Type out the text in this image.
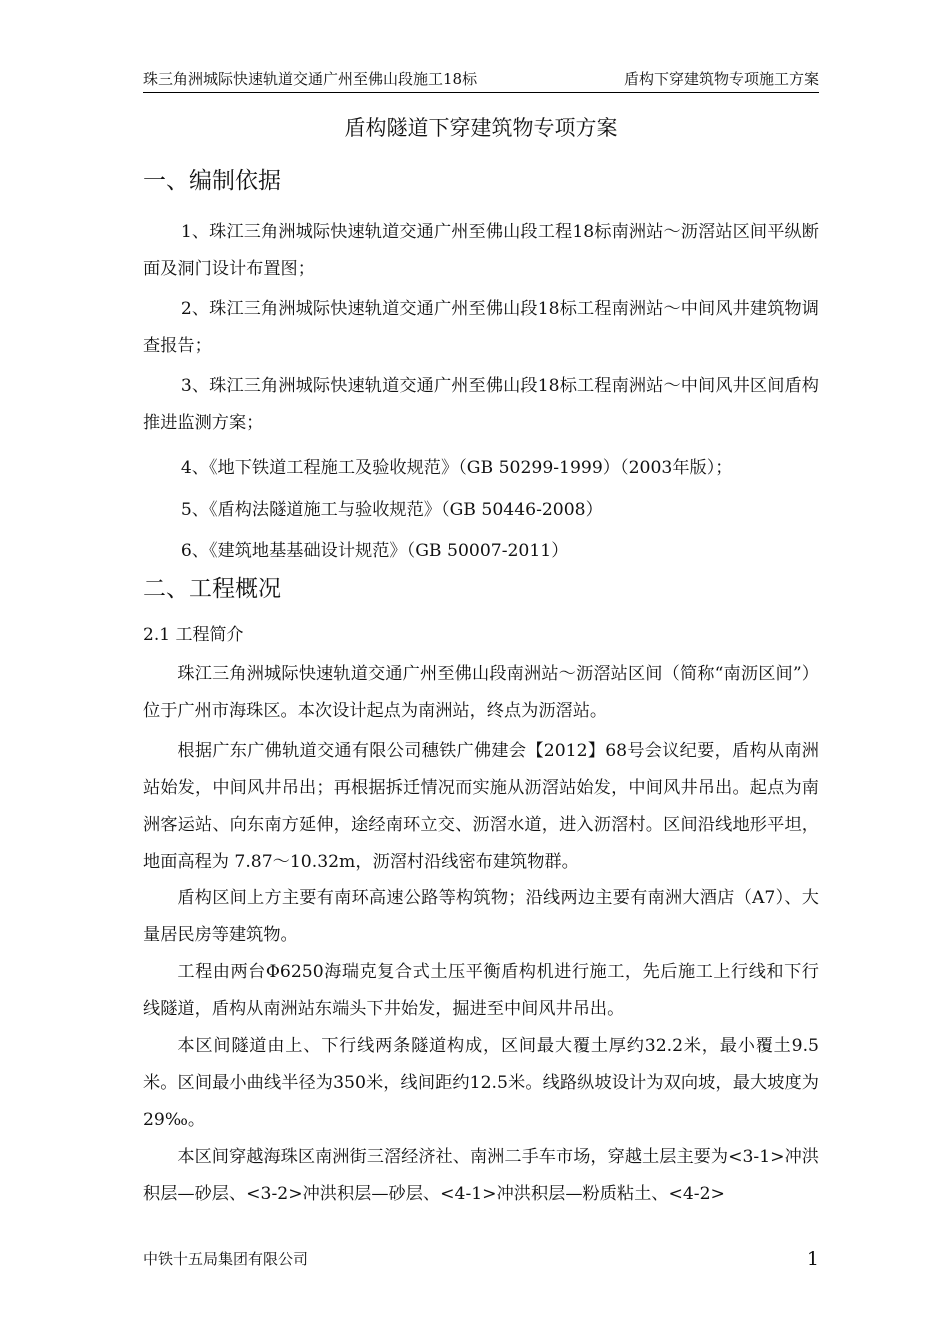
珠三角洲城际快速轨道交通广州至佛山段施工18标	盾构下穿建筑物专项施工方案
盾构隧道下穿建筑物专项方案
一、编制依据
1、珠江三角洲城际快速轨道交通广州至佛山段工程18标南洲站～沥滘站区间平纵断面及洞门设计布置图；
2、珠江三角洲城际快速轨道交通广州至佛山段18标工程南洲站～中间风井建筑物调查报告；
3、珠江三角洲城际快速轨道交通广州至佛山段18标工程南洲站～中间风井区间盾构推进监测方案；
4、《地下铁道工程施工及验收规范》（GB 50299-1999）（2003年版）；
5、《盾构法隧道施工与验收规范》（GB 50446-2008）
6、《建筑地基基础设计规范》（GB 50007-2011）
二、工程概况
2.1 工程简介
珠江三角洲城际快速轨道交通广州至佛山段南洲站～沥滘站区间（简称“南沥区间”）位于广州市海珠区。本次设计起点为南洲站，终点为沥滘站。
根据广东广佛轨道交通有限公司穗铁广佛建会【2012】68号会议纪要，盾构从南洲站始发，中间风井吊出；再根据拆迁情况而实施从沥滘站始发，中间风井吊出。起点为南洲客运站、向东南方延伸，途经南环立交、沥滘水道，进入沥滘村。区间沿线地形平坦，地面高程为 7.87～10.32m，沥滘村沿线密布建筑物群。
盾构区间上方主要有南环高速公路等构筑物；沿线两边主要有南洲大酒店（A7）、大量居民房等建筑物。
工程由两台Φ6250海瑞克复合式土压平衡盾构机进行施工，先后施工上行线和下行线隧道，盾构从南洲站东端头下井始发，掘进至中间风井吊出。
本区间隧道由上、下行线两条隧道构成，区间最大覆土厚约32.2米，最小覆土9.5米。区间最小曲线半径为350米，线间距约12.5米。线路纵坡设计为双向坡，最大坡度为29‰。
本区间穿越海珠区南洲街三滘经济社、南洲二手车市场，穿越土层主要为<3-1>冲洪积层—砂层、<3-2>冲洪积层—砂层、<4-1>冲洪积层—粉质粘土、<4-2>
中铁十五局集团有限公司	1
